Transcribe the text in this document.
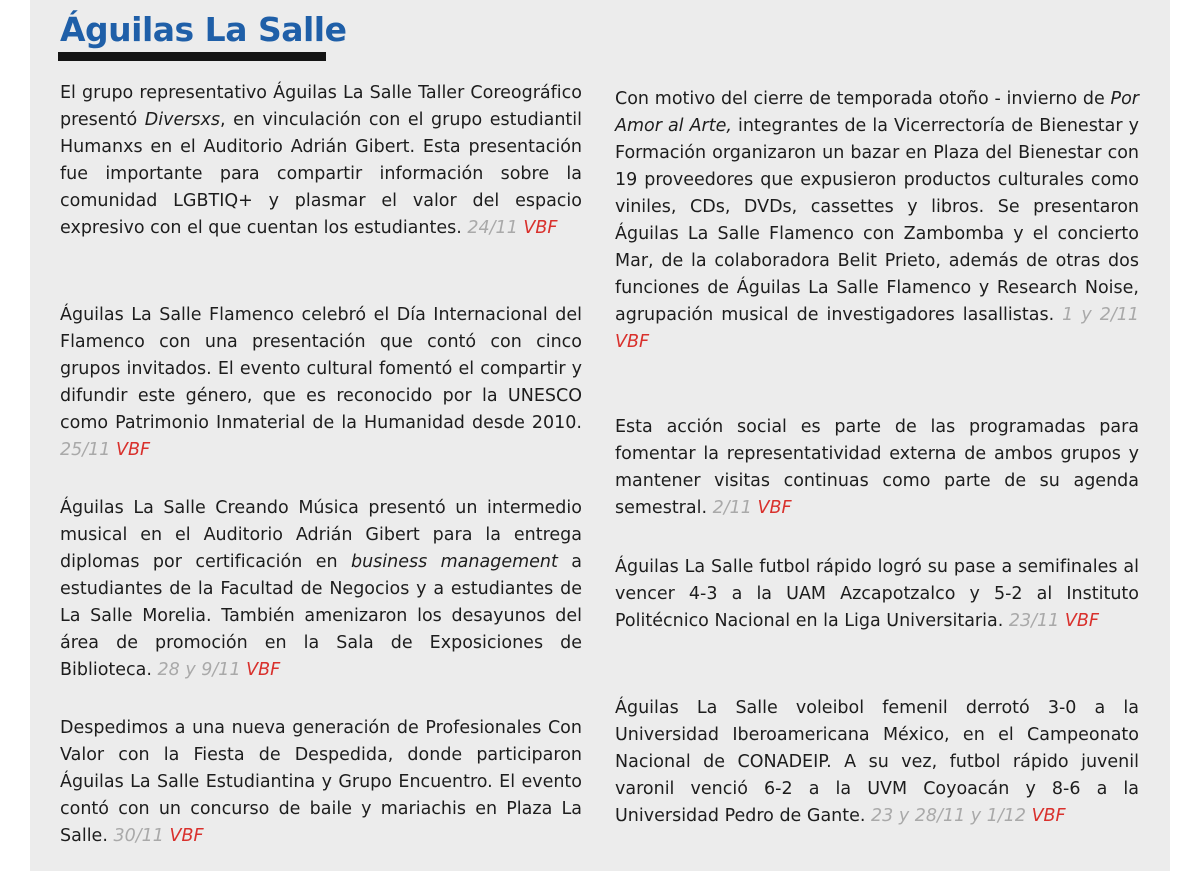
Águilas La Salle

El grupo representativo Águilas La Salle Taller Coreográfico presentó Diversxs, en vinculación con el grupo estudiantil Humanxs en el Auditorio Adrián Gibert. Esta presentación fue importante para compartir información sobre la comunidad LGBTIQ+ y plasmar el valor del espacio expresivo con el que cuentan los estudiantes. 24/11 VBF

Águilas La Salle Flamenco celebró el Día Internacional del Flamenco con una presentación que contó con cinco grupos invitados. El evento cultural fomentó el compartir y difundir este género, que es reconocido por la UNESCO como Patrimonio Inmaterial de la Humanidad desde 2010. 25/11 VBF

Águilas La Salle Creando Música presentó un intermedio musical en el Auditorio Adrián Gibert para la entrega diplomas por certificación en business management a estudiantes de la Facultad de Negocios y a estudiantes de La Salle Morelia. También amenizaron los desayunos del área de promoción en la Sala de Exposiciones de Biblioteca. 28 y 9/11 VBF

Despedimos a una nueva generación de Profesionales Con Valor con la Fiesta de Despedida, donde participaron Águilas La Salle Estudiantina y Grupo Encuentro. El evento contó con un concurso de baile y mariachis en Plaza La Salle. 30/11 VBF

Con motivo del cierre de temporada otoño - invierno de Por Amor al Arte, integrantes de la Vicerrectoría de Bienestar y Formación organizaron un bazar en Plaza del Bienestar con 19 proveedores que expusieron productos culturales como viniles, CDs, DVDs, cassettes y libros. Se presentaron Águilas La Salle Flamenco con Zambomba y el concierto Mar, de la colaboradora Belit Prieto, además de otras dos funciones de Águilas La Salle Flamenco y Research Noise, agrupación musical de investigadores lasallistas. 1 y 2/11 VBF

Esta acción social es parte de las programadas para fomentar la representatividad externa de ambos grupos y mantener visitas continuas como parte de su agenda semestral. 2/11 VBF

Águilas La Salle futbol rápido logró su pase a semifinales al vencer 4-3 a la UAM Azcapotzalco y 5-2 al Instituto Politécnico Nacional en la Liga Universitaria. 23/11 VBF

Águilas La Salle voleibol femenil derrotó 3-0 a la Universidad Iberoamericana México, en el Campeonato Nacional de CONADEIP. A su vez, futbol rápido juvenil varonil venció 6-2 a la UVM Coyoacán y 8-6 a la Universidad Pedro de Gante. 23 y 28/11 y 1/12 VBF
